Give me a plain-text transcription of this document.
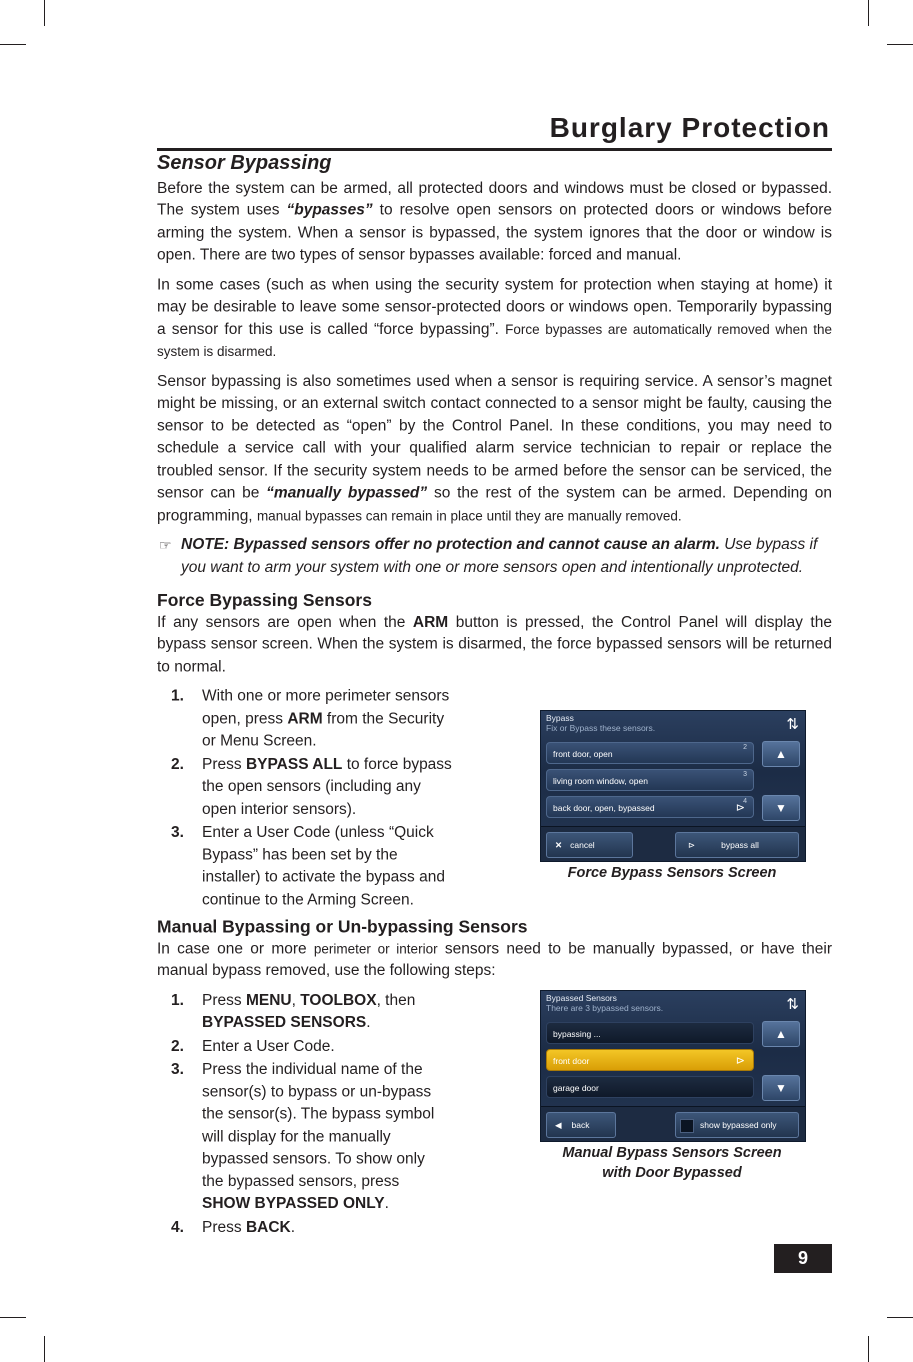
Burglary Protection
Sensor Bypassing

Before the system can be armed, all protected doors and windows must be closed or bypassed. The system uses “bypasses” to resolve open sensors on protected doors or windows before arming the system. When a sensor is bypassed, the system ignores that the door or window is open. There are two types of sensor bypasses available: forced and manual.

In some cases (such as when using the security system for protection when staying at home) it may be desirable to leave some sensor-protected doors or windows open. Temporarily bypassing a sensor for this use is called “force bypassing”. Force bypasses are automatically removed when the system is disarmed.

Sensor bypassing is also sometimes used when a sensor is requiring service. A sensor’s magnet might be missing, or an external switch contact connected to a sensor might be faulty, causing the sensor to be detected as “open” by the Control Panel. In these conditions, you may need to schedule a service call with your qualified alarm service technician to repair or replace the troubled sensor. If the security system needs to be armed before the sensor can be serviced, the sensor can be “manually bypassed” so the rest of the system can be armed. Depending on programming, manual bypasses can remain in place until they are manually removed.

☞ NOTE: Bypassed sensors offer no protection and cannot cause an alarm. Use bypass if you want to arm your system with one or more sensors open and intentionally unprotected.
Force Bypassing Sensors

If any sensors are open when the ARM button is pressed, the Control Panel will display the bypass sensor screen. When the system is disarmed, the force bypassed sensors will be returned to normal.

1. With one or more perimeter sensors open, press ARM from the Security or Menu Screen.
2. Press BYPASS ALL to force bypass the open sensors (including any open interior sensors).
3. Enter a User Code (unless “Quick Bypass” has been set by the installer) to activate the bypass and continue to the Arming Screen.
Manual Bypassing or Un-bypassing Sensors

In case one or more perimeter or interior sensors need to be manually bypassed, or have their manual bypass removed, use the following steps:

1. Press MENU, TOOLBOX, then BYPASSED SENSORS.
2. Enter a User Code.
3. Press the individual name of the sensor(s) to bypass or un-bypass the sensor(s). The bypass symbol will display for the manually bypassed sensors. To show only the bypassed sensors, press SHOW BYPASSED ONLY.
4. Press BACK.
Bypass
Fix or Bypass these sensors.	⇅
front door, open
2
living room window, open
3
back door, open, bypassed
4
⊳
▲
▼
✕ cancel	⊳	bypass all
Force Bypass Sensors Screen
Bypassed Sensors
There are 3 bypassed sensors.	⇅
bypassing ...
front door	⊳
garage door
▲
▼
◀ back	show bypassed only
Manual Bypass Sensors Screen
with Door Bypassed
9
